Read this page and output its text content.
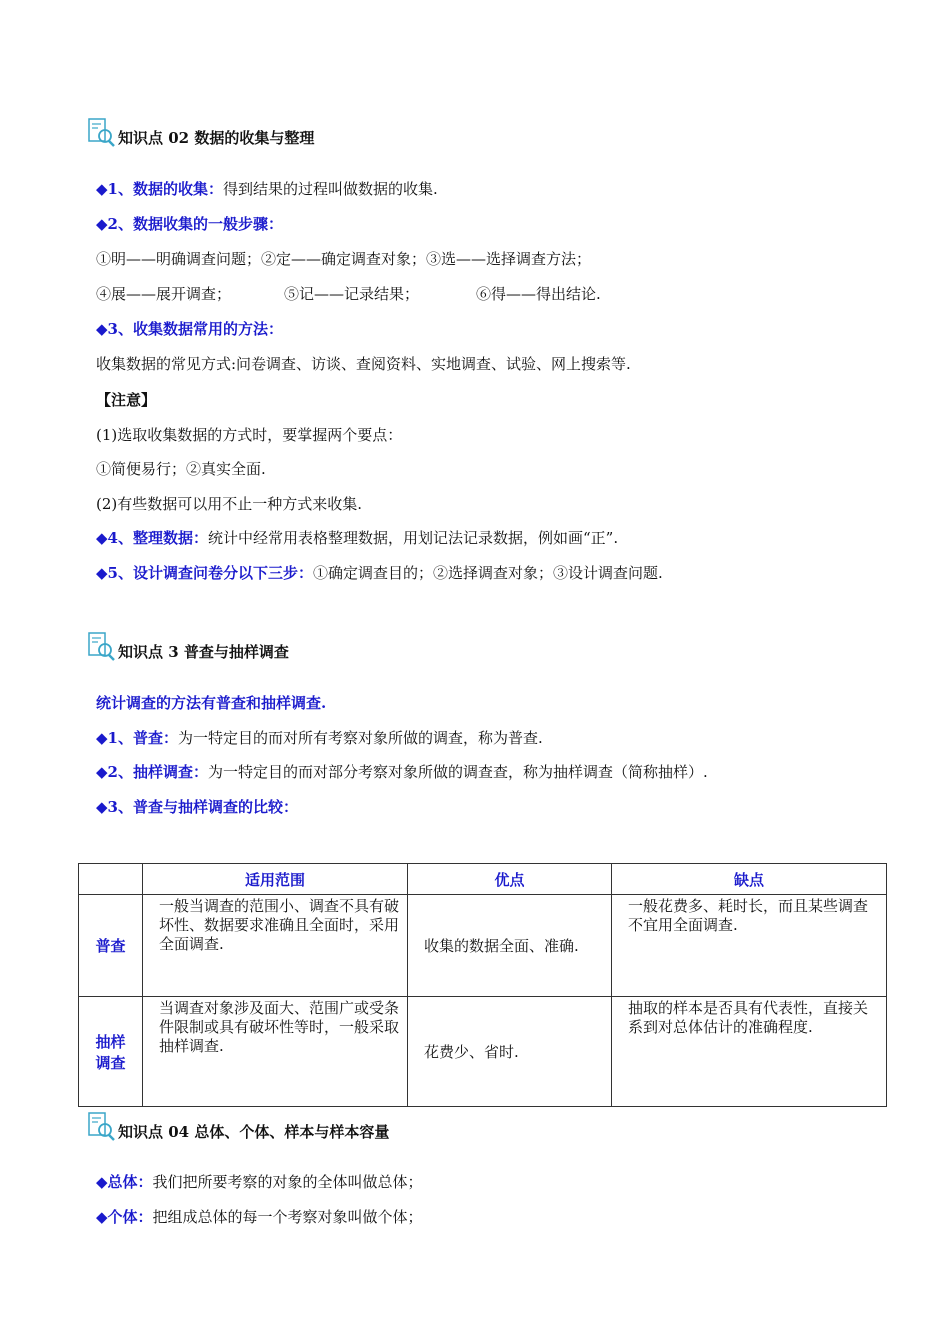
知识点 02 数据的收集与整理
◆1、数据的收集：得到结果的过程叫做数据的收集.
◆2、数据收集的一般步骤：
①明——明确调查问题；②定——确定调查对象；③选——选择调查方法；
④展——展开调查；	⑤记——记录结果；	⑥得——得出结论.
◆3、收集数据常用的方法：
收集数据的常见方式:问卷调查、访谈、查阅资料、实地调查、试验、网上搜索等.
【注意】
(1)选取收集数据的方式时，要掌握两个要点：
①简便易行；②真实全面.
(2)有些数据可以用不止一种方式来收集.
◆4、整理数据：统计中经常用表格整理数据，用划记法记录数据，例如画“正”.
◆5、设计调查问卷分以下三步：①确定调查目的；②选择调查对象；③设计调查问题.
知识点 3 普查与抽样调查
统计调查的方法有普查和抽样调查.
◆1、普查：为一特定目的而对所有考察对象所做的调查，称为普查.
◆2、抽样调查：为一特定目的而对部分考察对象所做的调查查，称为抽样调查（简称抽样）.
◆3、普查与抽样调查的比较：
	适用范围	优点	缺点
普查	一般当调查的范围小、调查不具有破坏性、数据要求准确且全面时，采用全面调查.	收集的数据全面、准确.	一般花费多、耗时长，而且某些调查不宜用全面调查.
抽样调查	当调查对象涉及面大、范围广或受条件限制或具有破坏性等时，一般采取抽样调查.	花费少、省时.	抽取的样本是否具有代表性，直接关系到对总体估计的准确程度.
知识点 04 总体、个体、样本与样本容量
◆总体：我们把所要考察的对象的全体叫做总体；
◆个体：把组成总体的每一个考察对象叫做个体；
